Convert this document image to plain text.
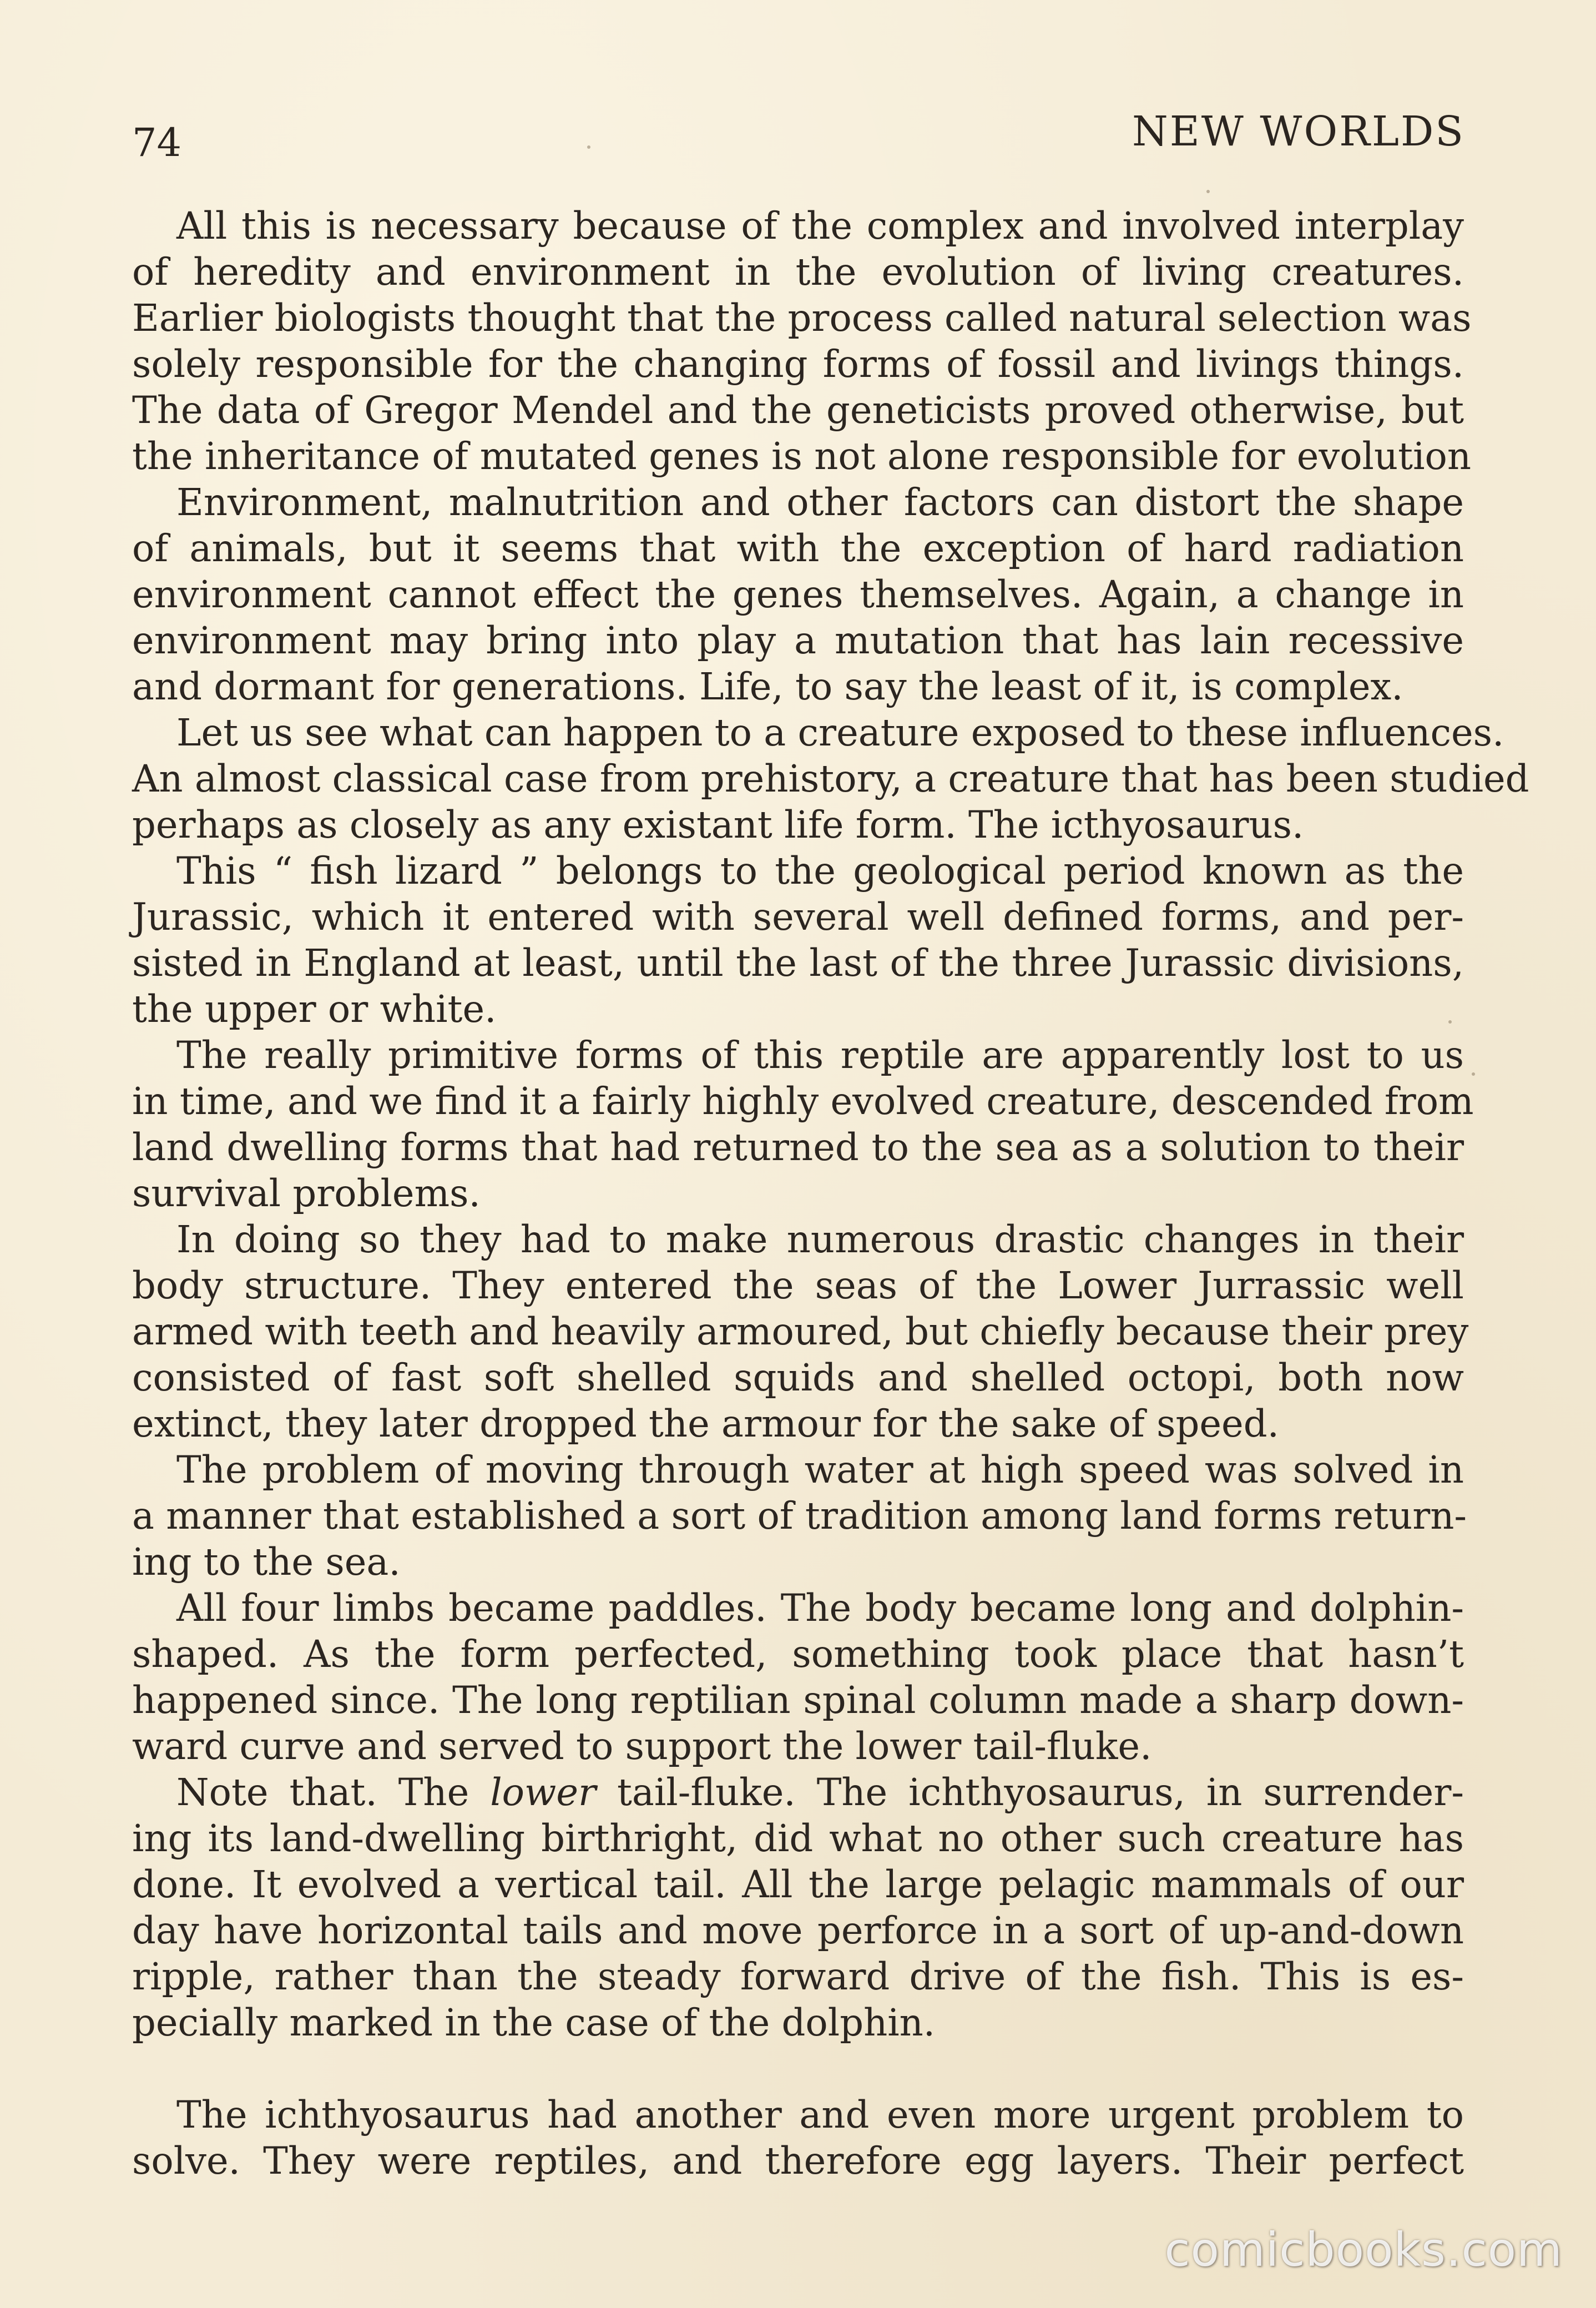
74	NEW WORLDS
All this is necessary because of the complex and involved interplay
of heredity and environment in the evolution of living creatures.
Earlier biologists thought that the process called natural selection was
solely responsible for the changing forms of fossil and livings things.
The data of Gregor Mendel and the geneticists proved otherwise, but
the inheritance of mutated genes is not alone responsible for evolution
Environment, malnutrition and other factors can distort the shape
of animals, but it seems that with the exception of hard radiation
environment cannot effect the genes themselves. Again, a change in
environment may bring into play a mutation that has lain recessive
and dormant for generations. Life, to say the least of it, is complex.
Let us see what can happen to a creature exposed to these influences.
An almost classical case from prehistory, a creature that has been studied
perhaps as closely as any existant life form. The icthyosaurus.
This “ fish lizard ” belongs to the geological period known as the
Jurassic, which it entered with several well defined forms, and per-
sisted in England at least, until the last of the three Jurassic divisions,
the upper or white.
The really primitive forms of this reptile are apparently lost to us
in time, and we find it a fairly highly evolved creature, descended from
land dwelling forms that had returned to the sea as a solution to their
survival problems.
In doing so they had to make numerous drastic changes in their
body structure. They entered the seas of the Lower Jurrassic well
armed with teeth and heavily armoured, but chiefly because their prey
consisted of fast soft shelled squids and shelled octopi, both now
extinct, they later dropped the armour for the sake of speed.
The problem of moving through water at high speed was solved in
a manner that established a sort of tradition among land forms return-
ing to the sea.
All four limbs became paddles. The body became long and dolphin-
shaped. As the form perfected, something took place that hasn’t
happened since. The long reptilian spinal column made a sharp down-
ward curve and served to support the lower tail-fluke.
Note that. The lower tail-fluke. The ichthyosaurus, in surrender-
ing its land-dwelling birthright, did what no other such creature has
done. It evolved a vertical tail. All the large pelagic mammals of our
day have horizontal tails and move perforce in a sort of up-and-down
ripple, rather than the steady forward drive of the fish. This is es-
pecially marked in the case of the dolphin.
The ichthyosaurus had another and even more urgent problem to
solve. They were reptiles, and therefore egg layers. Their perfect
comicbooks.com
